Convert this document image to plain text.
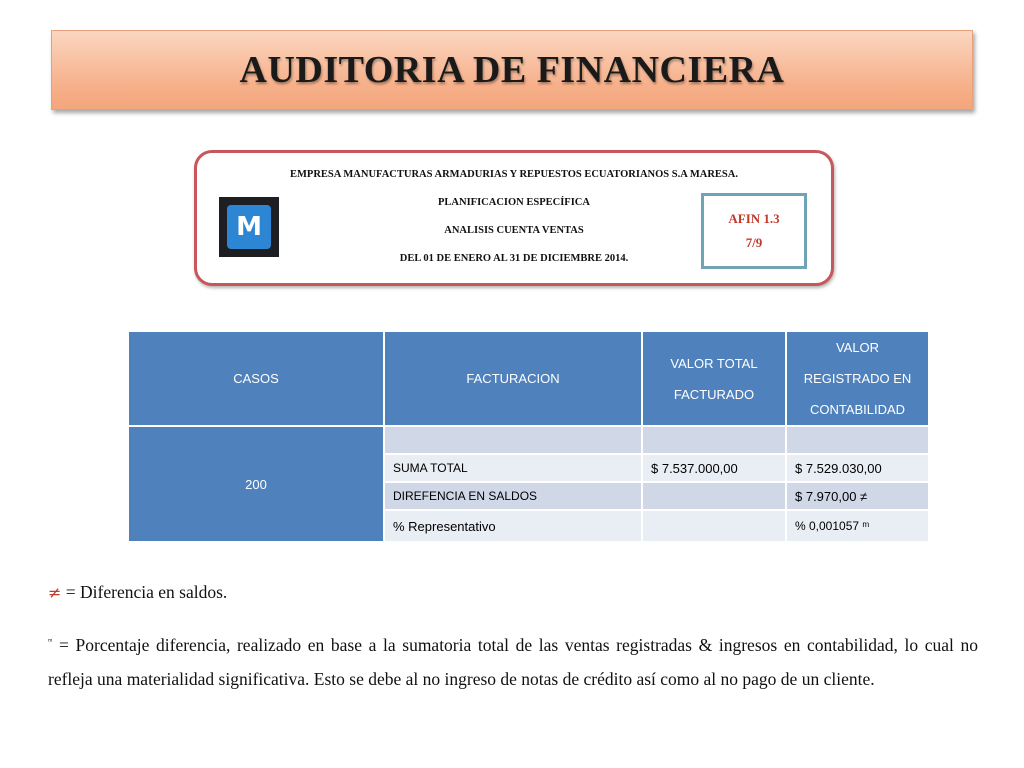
AUDITORIA DE FINANCIERA
EMPRESA MANUFACTURAS ARMADURIAS Y REPUESTOS ECUATORIANOS S.A MARESA.
PLANIFICACION ESPECÍFICA
ANALISIS CUENTA VENTAS
DEL 01 DE ENERO AL 31 DE DICIEMBRE 2014.
M	AFIN 1.3
7/9
CASOS	FACTURACION	VALOR TOTAL FACTURADO	VALOR REGISTRADO EN CONTABILIDAD
200			
	SUMA TOTAL	$ 7.537.000,00	$ 7.529.030,00
	DIREFENCIA EN SALDOS		$ 7.970,00 ≠
	% Representativo		% 0,001057 ᵐ
≠ = Diferencia en saldos.
$^ᵐ$ = Porcentaje diferencia, realizado en base a la sumatoria total de las ventas registradas & ingresos en contabilidad, lo cual no refleja una materialidad significativa. Esto se debe al no ingreso de notas de crédito así como al no pago de un cliente.
